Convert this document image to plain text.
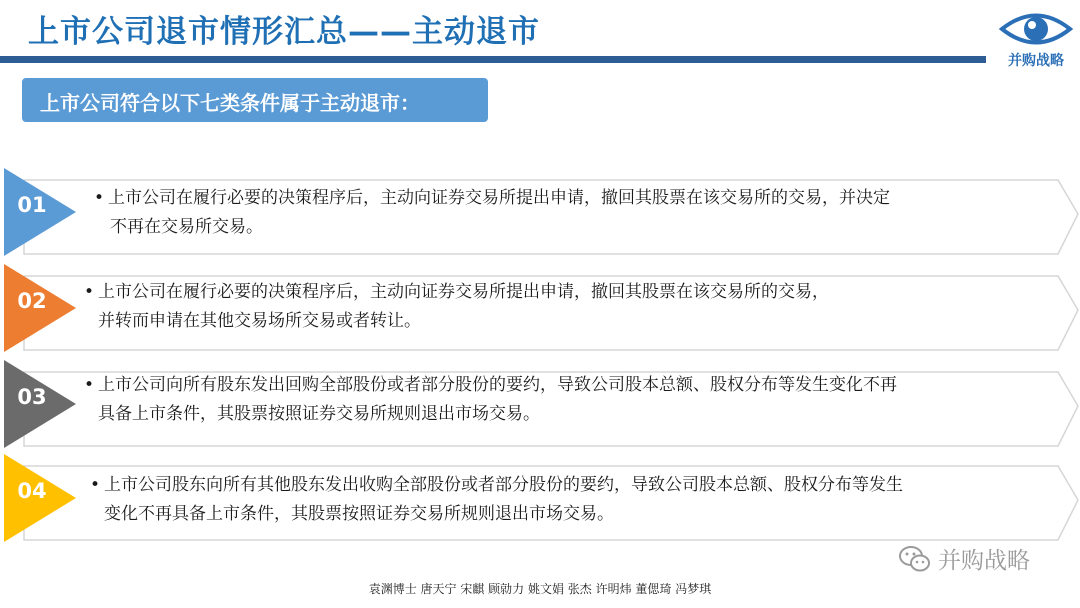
上市公司退市情形汇总——主动退市
并购战略
上市公司符合以下七类条件属于主动退市：
01	• 上市公司在履行必要的决策程序后，主动向证券交易所提出申请，撤回其股票在该交易所的交易，并决定
不再在交易所交易。
02 • 上市公司在履行必要的决策程序后，主动向证券交易所提出申请，撤回其股票在该交易所的交易，
并转而申请在其他交易场所交易或者转让。
03 • 上市公司向所有股东发出回购全部股份或者部分股份的要约，导致公司股本总额、股权分布等发生变化不再
具备上市条件，其股票按照证券交易所规则退出市场交易。
04	• 上市公司股东向所有其他股东发出收购全部股份或者部分股份的要约，导致公司股本总额、股权分布等发生
变化不再具备上市条件，其股票按照证券交易所规则退出市场交易。
并购战略
袁渊博士 唐天宁 宋麒 顾勍力 姚文娟 张杰 许明炜 董偲琦 冯梦琪
